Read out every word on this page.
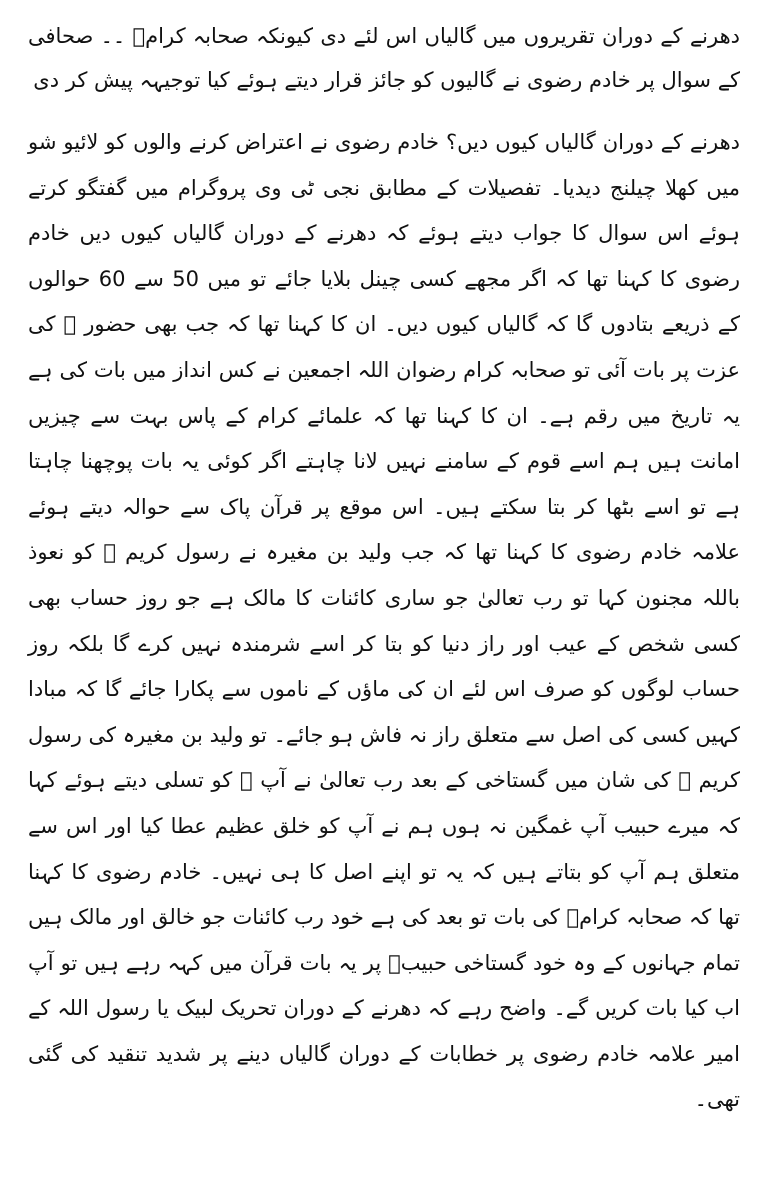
دھرنے کے دوران تقریروں میں گالیاں اس لئے دی کیونکہ صحابہ کرامؓ ۔۔ صحافی کے سوال پر خادم رضوی نے گالیوں کو جائز قرار دیتے ہوئے کیا توجیہہ پیش کر دی

دھرنے کے دوران گالیاں کیوں دیں؟ خادم رضوی نے اعتراض کرنے والوں کو لائیو شو میں کھلا چیلنج دیدیا۔ تفصیلات کے مطابق نجی ٹی وی پروگرام میں گفتگو کرتے ہوئے اس سوال کا جواب دیتے ہوئے کہ دھرنے کے دوران گالیاں کیوں دیں خادم رضوی کا کہنا تھا کہ اگر مجھے کسی چینل بلایا جائے تو میں 50 سے 60 حوالوں کے ذریعے بتادوں گا کہ گالیاں کیوں دیں۔ ان کا کہنا تھا کہ جب بھی حضور ﷺ کی عزت پر بات آئی تو صحابہ کرام رضوان اللہ اجمعین نے کس انداز میں بات کی ہے یہ تاریخ میں رقم ہے۔ ان کا کہنا تھا کہ علمائے کرام کے پاس بہت سے چیزیں امانت ہیں ہم اسے قوم کے سامنے نہیں لانا چاہتے اگر کوئی یہ بات پوچھنا چاہتا ہے تو اسے بٹھا کر بتا سکتے ہیں۔ اس موقع پر قرآن پاک سے حوالہ دیتے ہوئے علامہ خادم رضوی کا کہنا تھا کہ جب ولید بن مغیرہ نے رسول کریم ﷺ کو نعوذ باللہ مجنون کہا تو رب تعالیٰ جو ساری کائنات کا مالک ہے جو روز حساب بھی کسی شخص کے عیب اور راز دنیا کو بتا کر اسے شرمندہ نہیں کرے گا بلکہ روز حساب لوگوں کو صرف اس لئے ان کی ماؤں کے ناموں سے پکارا جائے گا کہ مبادا کہیں کسی کی اصل سے متعلق راز نہ فاش ہو جائے۔ تو ولید بن مغیرہ کی رسول کریم ﷺ کی شان میں گستاخی کے بعد رب تعالیٰ نے آپ ﷺ کو تسلی دیتے ہوئے کہا کہ میرے حبیب آپ غمگین نہ ہوں ہم نے آپ کو خلق عظیم عطا کیا اور اس سے متعلق ہم آپ کو بتاتے ہیں کہ یہ تو اپنے اصل کا ہی نہیں۔ خادم رضوی کا کہنا تھا کہ صحابہ کرامؓ کی بات تو بعد کی ہے خود رب کائنات جو خالق اور مالک ہیں تمام جہانوں کے وہ خود گستاخی حبیبؐ پر یہ بات قرآن میں کہہ رہے ہیں تو آپ اب کیا بات کریں گے۔ واضح رہے کہ دھرنے کے دوران تحریک لبیک یا رسول اللہ کے امیر علامہ خادم رضوی پر خطابات کے دوران گالیاں دینے پر شدید تنقید کی گئی تھی۔
